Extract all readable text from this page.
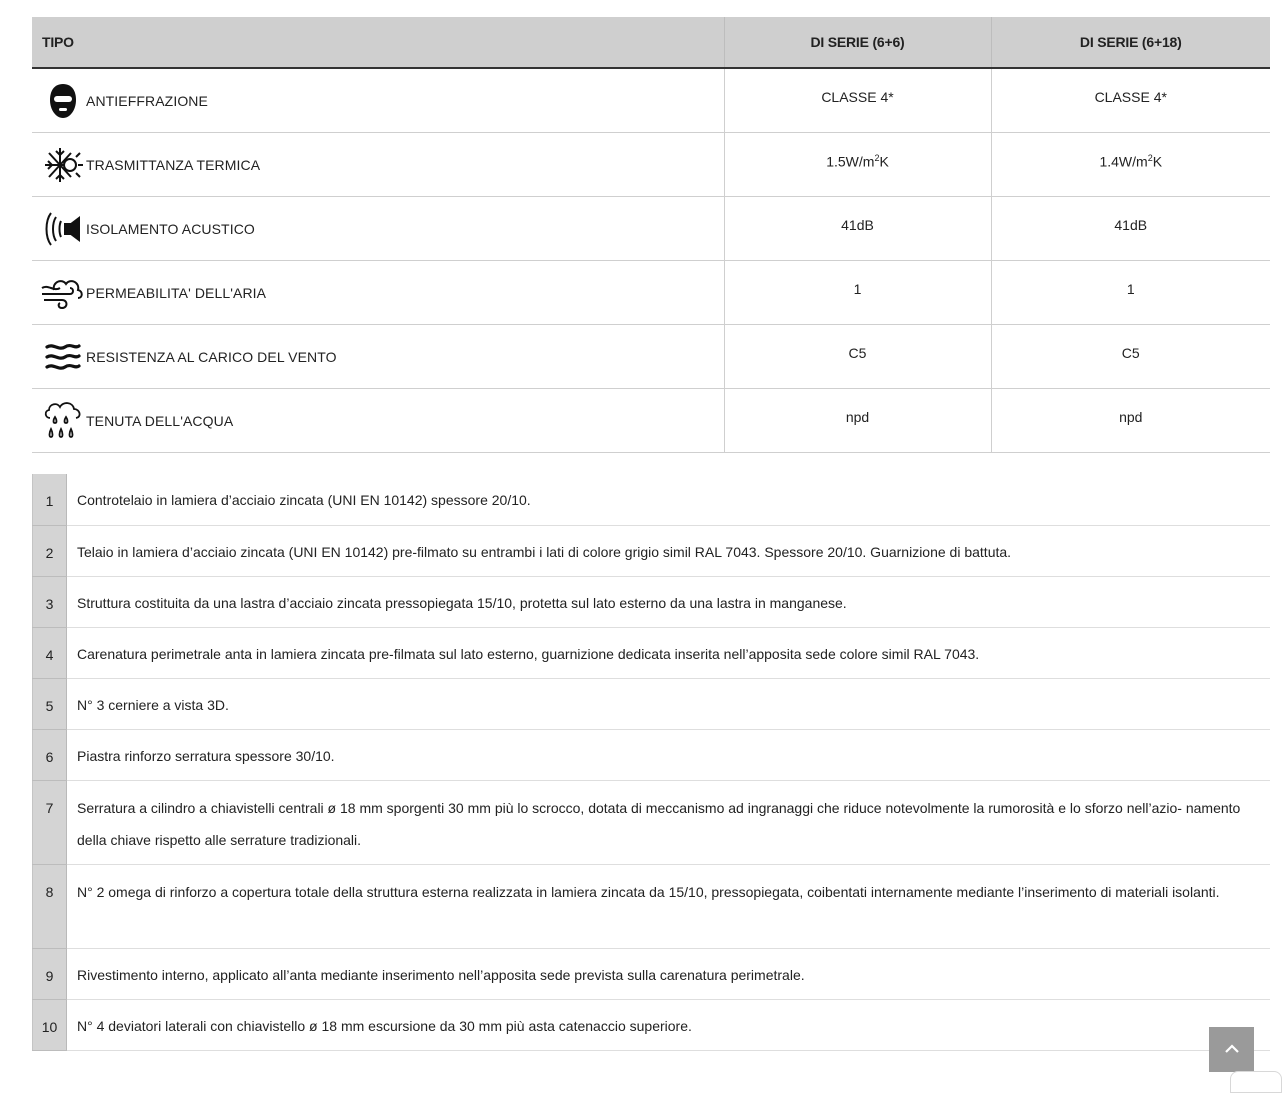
TIPO	DI SERIE (6+6)	DI SERIE (6+18)

ANTIEFFRAZIONE	CLASSE 4*	CLASSE 4*

TRASMITTANZA TERMICA	$1.5W/m^2K$	$1.4W/m^2K$

ISOLAMENTO ACUSTICO	41dB	41dB

PERMEABILITA' DELL'ARIA	1	1

RESISTENZA AL CARICO DEL VENTO	C5	C5

TENUTA DELL'ACQUA	npd	npd
1	Controtelaio in lamiera d’acciaio zincata (UNI EN 10142) spessore 20/10.
2	Telaio in lamiera d’acciaio zincata (UNI EN 10142) pre-filmato su entrambi i lati di colore grigio simil RAL 7043. Spessore 20/10. Guarnizione di battuta.
3	Struttura costituita da una lastra d’acciaio zincata pressopiegata 15/10, protetta sul lato esterno da una lastra in manganese.
4	Carenatura perimetrale anta in lamiera zincata pre-filmata sul lato esterno, guarnizione dedicata inserita nell’apposita sede colore simil RAL 7043.
5	N° 3 cerniere a vista 3D.
6	Piastra rinforzo serratura spessore 30/10.
7	Serratura a cilindro a chiavistelli centrali ø 18 mm sporgenti 30 mm più lo scrocco, dotata di meccanismo ad ingranaggi che riduce notevolmente la rumorosità e lo sforzo nell’azio- namento della chiave rispetto alle serrature tradizionali.
8	N° 2 omega di rinforzo a copertura totale della struttura esterna realizzata in lamiera zincata da 15/10, pressopiegata, coibentati internamente mediante l’inserimento di materiali isolanti.
9	Rivestimento interno, applicato all’anta mediante inserimento nell’apposita sede prevista sulla carenatura perimetrale.
10	N° 4 deviatori laterali con chiavistello ø 18 mm escursione da 30 mm più asta catenaccio superiore.
